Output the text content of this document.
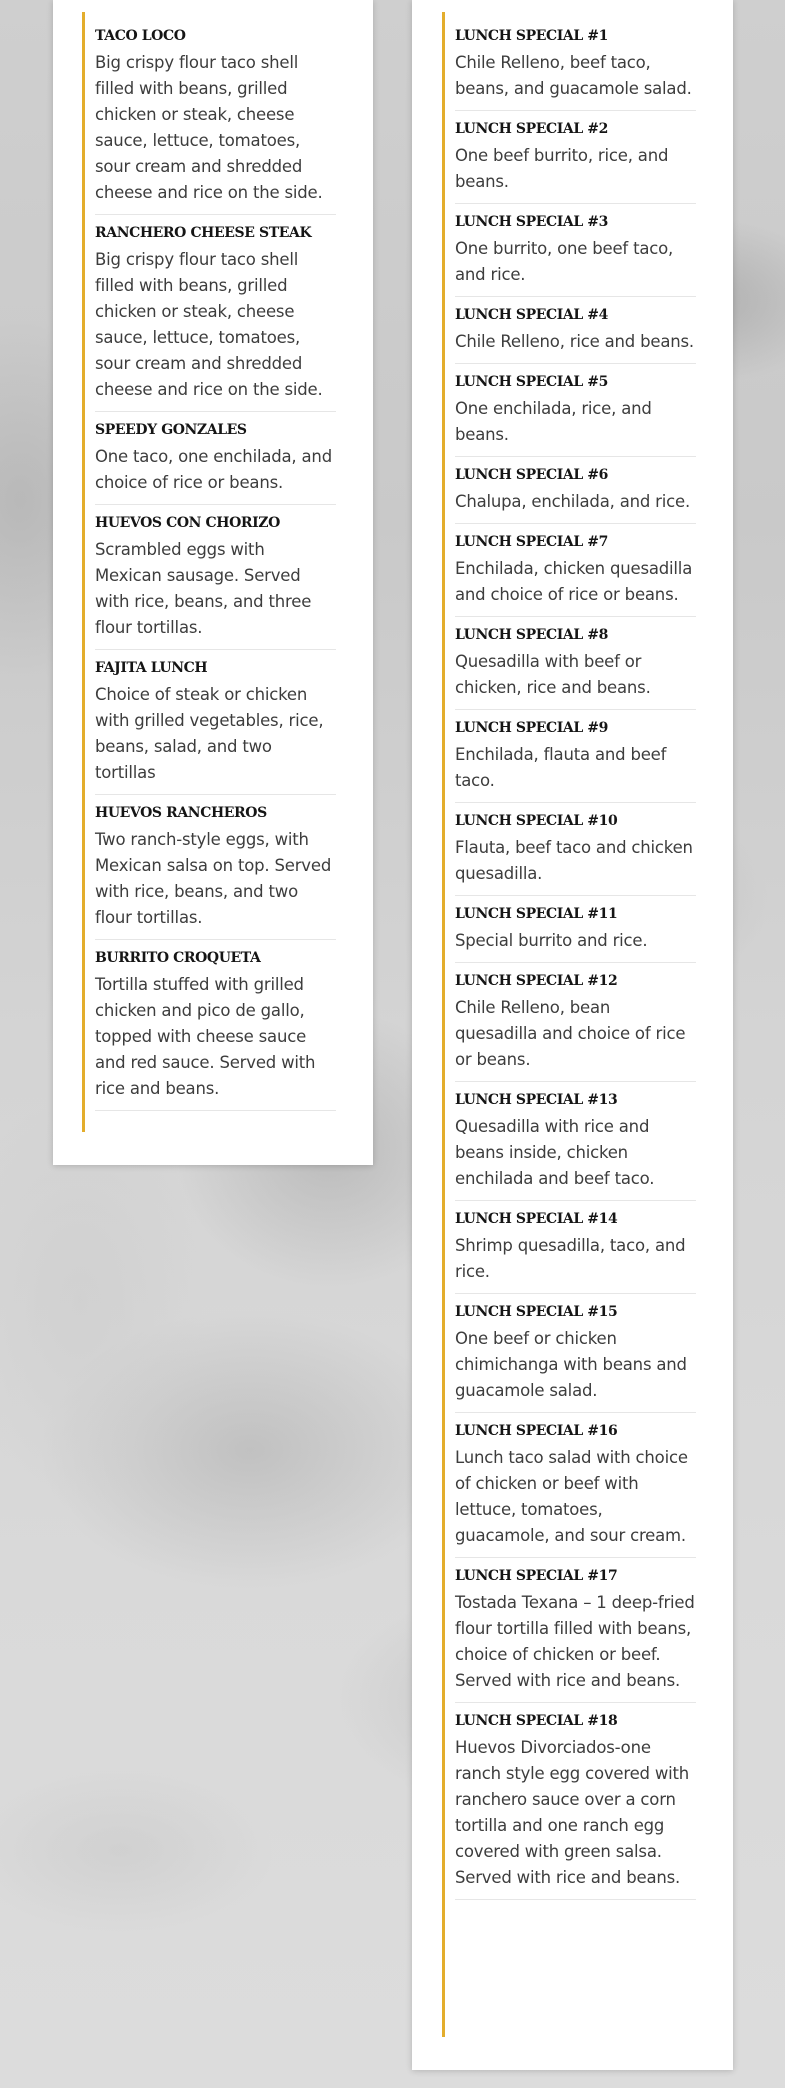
TACO LOCO

Big crispy flour taco shell filled with beans, grilled chicken or steak, cheese sauce, lettuce, tomatoes, sour cream and shredded cheese and rice on the side.

RANCHERO CHEESE STEAK

Big crispy flour taco shell filled with beans, grilled chicken or steak, cheese sauce, lettuce, tomatoes, sour cream and shredded cheese and rice on the side.

SPEEDY GONZALES

One taco, one enchilada, and choice of rice or beans.

HUEVOS CON CHORIZO

Scrambled eggs with Mexican sausage. Served with rice, beans, and three flour tortillas.

FAJITA LUNCH

Choice of steak or chicken with grilled vegetables, rice, beans, salad, and two tortillas

HUEVOS RANCHEROS

Two ranch-style eggs, with Mexican salsa on top. Served with rice, beans, and two flour tortillas.

BURRITO CROQUETA

Tortilla stuffed with grilled chicken and pico de gallo, topped with cheese sauce and red sauce. Served with rice and beans.

LUNCH SPECIAL #1

Chile Relleno, beef taco, beans, and guacamole salad.

LUNCH SPECIAL #2

One beef burrito, rice, and beans.

LUNCH SPECIAL #3

One burrito, one beef taco, and rice.

LUNCH SPECIAL #4

Chile Relleno, rice and beans.

LUNCH SPECIAL #5

One enchilada, rice, and beans.

LUNCH SPECIAL #6

Chalupa, enchilada, and rice.

LUNCH SPECIAL #7

Enchilada, chicken quesadilla and choice of rice or beans.

LUNCH SPECIAL #8

Quesadilla with beef or chicken, rice and beans.

LUNCH SPECIAL #9

Enchilada, flauta and beef taco.

LUNCH SPECIAL #10

Flauta, beef taco and chicken quesadilla.

LUNCH SPECIAL #11

Special burrito and rice.

LUNCH SPECIAL #12

Chile Relleno, bean quesadilla and choice of rice or beans.

LUNCH SPECIAL #13

Quesadilla with rice and beans inside, chicken enchilada and beef taco.

LUNCH SPECIAL #14

Shrimp quesadilla, taco, and rice.

LUNCH SPECIAL #15

One beef or chicken chimichanga with beans and guacamole salad.

LUNCH SPECIAL #16

Lunch taco salad with choice of chicken or beef with lettuce, tomatoes, guacamole, and sour cream.

LUNCH SPECIAL #17

Tostada Texana – 1 deep-fried flour tortilla filled with beans, choice of chicken or beef. Served with rice and beans.

LUNCH SPECIAL #18

Huevos Divorciados-one ranch style egg covered with ranchero sauce over a corn tortilla and one ranch egg covered with green salsa. Served with rice and beans.
